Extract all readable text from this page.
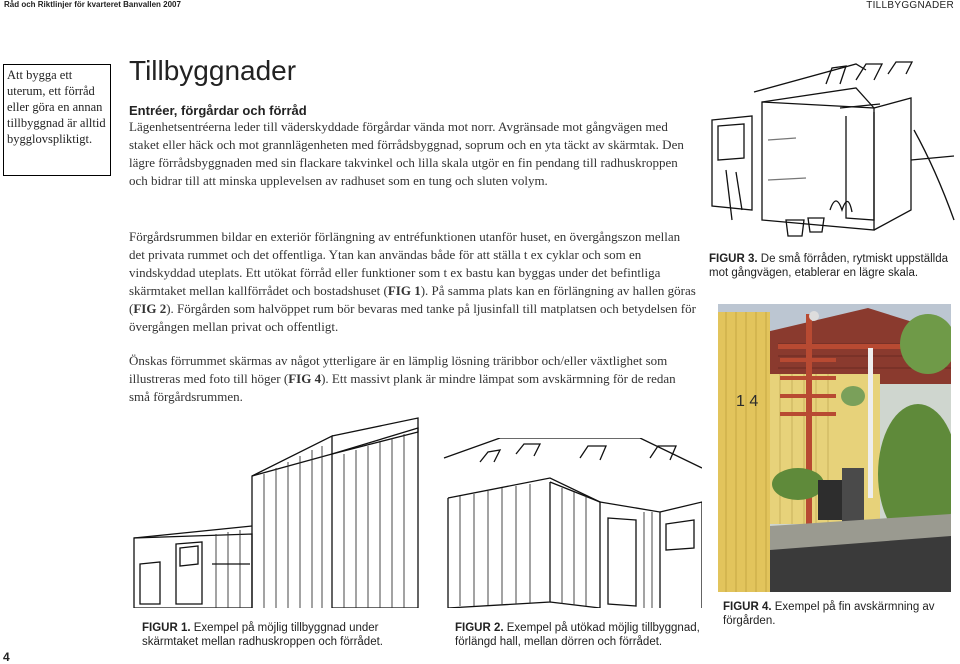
Råd och Riktlinjer för kvarteret Banvallen 2007	TILLBYGGNADER
Att bygga ett uterum, ett förråd eller göra en annan tillbyggnad är alltid bygglovspliktigt.
Tillbyggnader
Entréer, förgårdar och förråd
Lägenhetsentréerna leder till väderskyddade förgårdar vända mot norr. Avgränsade mot gångvägen med staket eller häck och mot grannlägenheten med förrådsbyggnad, soprum och en yta täckt av skärmtak. Den lägre förrådsbyggnaden med sin flackare takvinkel och lilla skala utgör en fin pendang till radhuskroppen och bidrar till att minska upplevelsen av radhuset som en tung och sluten volym.
Förgårdsrummen bildar en exteriör förlängning av entréfunktionen utanför huset, en övergångszon mellan det privata rummet och det offentliga. Ytan kan användas både för att ställa t ex cyklar och som en vindskyddad uteplats. Ett utökat förråd eller funktioner som t ex bastu kan byggas under det befintliga skärmtaket mellan kallförrådet och bostadshuset (FIG 1). På samma plats kan en förlängning av hallen göras (FIG 2). Förgården som halvöppet rum bör bevaras med tanke på ljusinfall till matplatsen och betydelsen för övergången mellan privat och offentligt.
Önskas förrummet skärmas av något ytterligare är en lämplig lösning träribbor och/eller växtlighet som illustreras med foto till höger (FIG 4). Ett massivt plank är mindre lämpat som avskärmning för de redan små förgårdsrummen.
FIGUR 3. De små förråden, rytmiskt uppställda mot gångvägen, etablerar en lägre skala.
1 4
FIGUR 4. Exempel på fin avskärmning av förgården.
FIGUR 1. Exempel på möjlig tillbyggnad under skärmtaket mellan radhuskroppen och förrådet.
FIGUR 2. Exempel på utökad möjlig tillbyggnad, förlängd hall, mellan dörren och förrådet.
4
